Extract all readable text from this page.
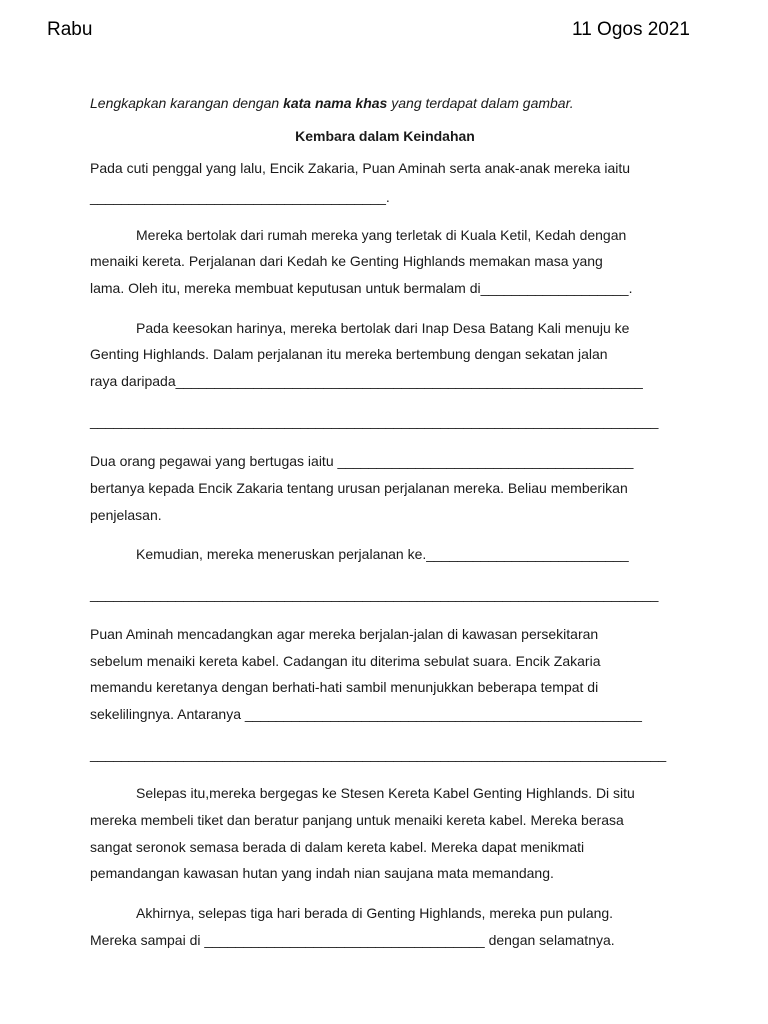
Rabu	11 Ogos 2021
Lengkapkan karangan dengan kata nama khas yang terdapat dalam gambar.
Kembara dalam Keindahan
Pada cuti penggal yang lalu, Encik Zakaria, Puan Aminah serta anak-anak mereka iaitu
______________________________________.
Mereka bertolak dari rumah mereka yang terletak di Kuala Ketil, Kedah dengan
menaiki kereta. Perjalanan dari Kedah ke Genting Highlands memakan masa yang
lama. Oleh itu, mereka membuat keputusan untuk bermalam di___________________.
Pada keesokan harinya, mereka bertolak dari Inap Desa Batang Kali menuju ke
Genting Highlands. Dalam perjalanan itu mereka bertembung dengan sekatan jalan
raya daripada____________________________________________________________
_________________________________________________________________________
Dua orang pegawai yang bertugas iaitu ______________________________________
bertanya kepada Encik Zakaria tentang urusan perjalanan mereka. Beliau memberikan
penjelasan.
Kemudian, mereka meneruskan perjalanan ke.__________________________
_________________________________________________________________________
Puan Aminah mencadangkan agar mereka berjalan-jalan di kawasan persekitaran
sebelum menaiki kereta kabel. Cadangan itu diterima sebulat suara. Encik Zakaria
memandu keretanya dengan berhati-hati sambil menunjukkan beberapa tempat di
sekelilingnya. Antaranya ___________________________________________________
__________________________________________________________________________
Selepas itu,mereka bergegas ke Stesen Kereta Kabel Genting Highlands. Di situ
mereka membeli tiket dan beratur panjang untuk menaiki kereta kabel. Mereka berasa
sangat seronok semasa berada di dalam kereta kabel. Mereka dapat menikmati
pemandangan kawasan hutan yang indah nian saujana mata memandang.
Akhirnya, selepas tiga hari berada di Genting Highlands, mereka pun pulang.
Mereka sampai di ____________________________________ dengan selamatnya.
